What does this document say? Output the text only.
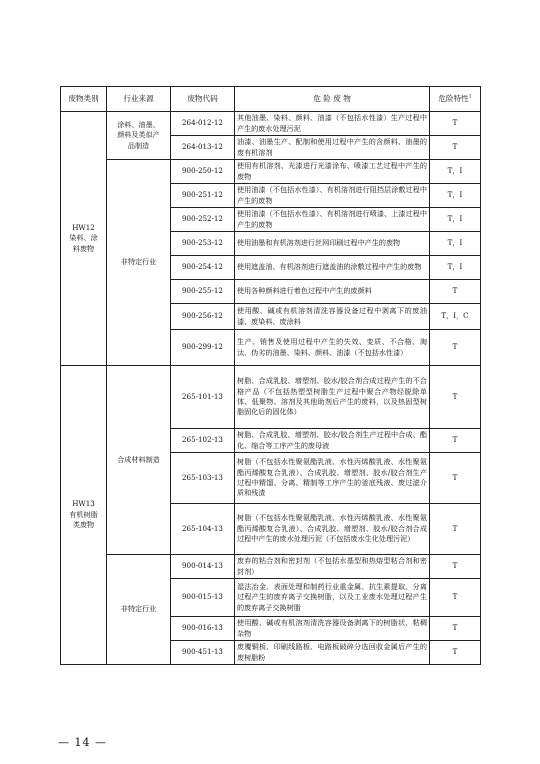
废物类别	行业来源	废物代码	危 险 废 物	危险特性$^1$
HW12
染料、涂
料废物	涂料、油墨、
颜料及类似产
品制造	264-012-12	其他油墨、染料、颜料、油漆（不包括水性漆）生产过程中产生的废水处理污泥	T
		264-013-12	油漆、油墨生产、配制和使用过程中产生的含颜料、油墨的废有机溶剂	T
	非特定行业	900-250-12	使用有机溶剂、光漆进行光漆涂布、喷漆工艺过程中产生的废物	T，I
		900-251-12	使用油漆（不包括水性漆）、有机溶剂进行阻挡层涂敷过程中产生的废物	T，I
		900-252-12	使用油漆（不包括水性漆）、有机溶剂进行喷漆、上漆过程中产生的废物	T，I
		900-253-12	使用油墨和有机溶剂进行丝网印刷过程中产生的废物	T，I
		900-254-12	使用遮盖油、有机溶剂进行遮盖油的涂敷过程中产生的废物	T，I
		900-255-12	使用各种颜料进行着色过程中产生的废颜料	T
		900-256-12	使用酸、碱或有机溶剂清洗容器设备过程中剥离下的废油漆、废染料、废涂料	T，I，C
		900-299-12	生产、销售及使用过程中产生的失效、变质、不合格、淘汰、伪劣的油墨、染料、颜料、油漆（不包括水性漆）	T
HW13
有机树脂
类废物	合成材料制造	265-101-13	树脂、合成乳胶、增塑剂、胶水/胶合剂合成过程产生的不合格产品（不包括热塑型树脂生产过程中聚合产物经脱除单体、低聚物、溶剂及其他助剂后产生的废料，以及热固型树脂固化后的固化体）	T
		265-102-13	树脂、合成乳胶、增塑剂、胶水/胶合剂生产过程中合成、酯化、缩合等工序产生的废母液	T
		265-103-13	树脂（不包括水性聚氨酯乳液、水性丙烯酸乳液、水性聚氨酯丙烯酸复合乳液）、合成乳胶、增塑剂、胶水/胶合剂生产过程中精馏、分离、精制等工序产生的釜底残液、废过滤介质和残渣	T
		265-104-13	树脂（不包括水性聚氨酯乳液、水性丙烯酸乳液、水性聚氨酯丙烯酸复合乳液）、合成乳胶、增塑剂、胶水/胶合剂合成过程中产生的废水处理污泥（不包括废水生化处理污泥）	T
	非特定行业	900-014-13	废弃的粘合剂和密封剂（不包括水基型和热熔型粘合剂和密封剂）	T
		900-015-13	湿法冶金、表面处理和制药行业重金属、抗生素提取、分离过程产生的废弃离子交换树脂，以及工业废水处理过程产生的废弃离子交换树脂	T
		900-016-13	使用酸、碱或有机溶剂清洗容器设备剥离下的树脂状、粘稠杂物	T
		900-451-13	废覆铜板、印刷线路板、电路板破碎分选回收金属后产生的废树脂粉	T
— 14 —
